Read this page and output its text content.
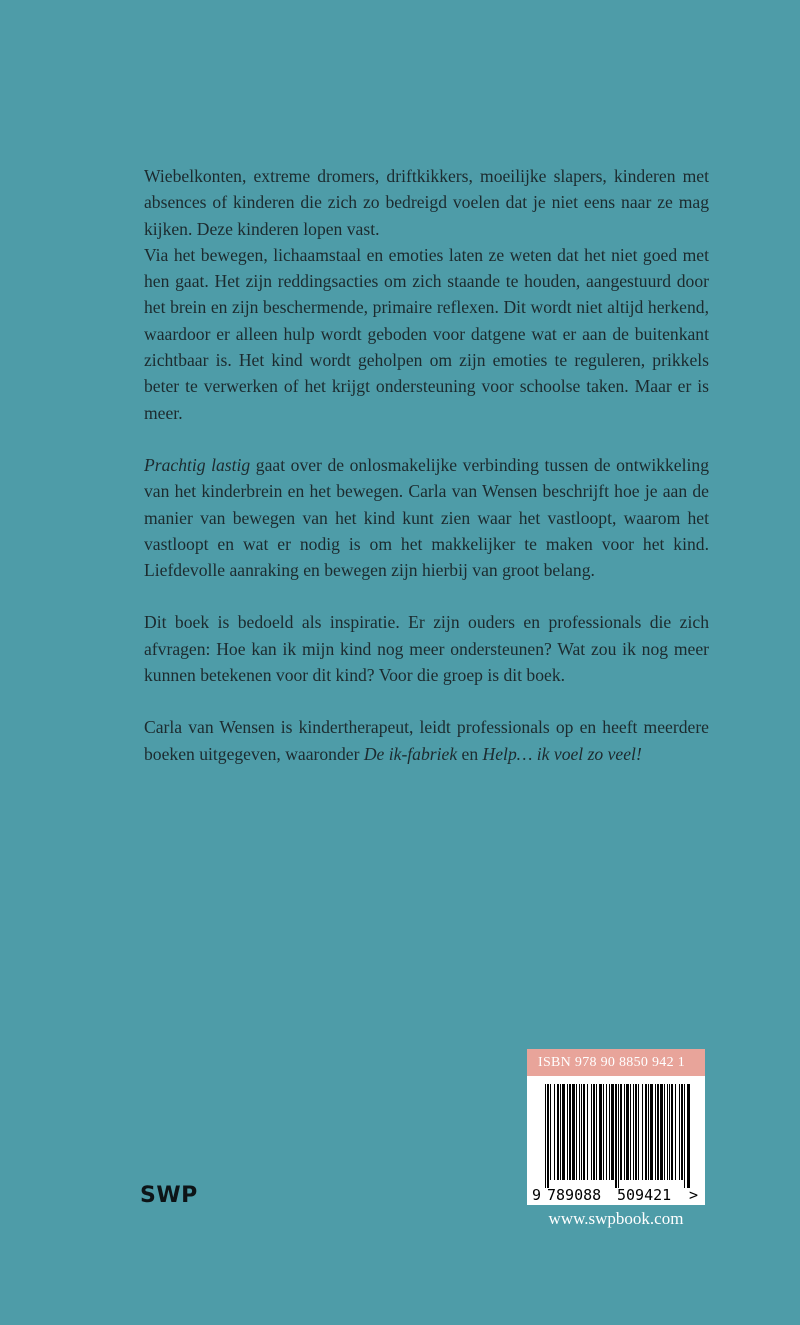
Wiebelkonten, extreme dromers, driftkikkers, moeilijke slapers, kinderen met absences of kinderen die zich zo bedreigd voelen dat je niet eens naar ze mag kijken. Deze kinderen lopen vast.

Via het bewegen, lichaamstaal en emoties laten ze weten dat het niet goed met hen gaat. Het zijn reddingsacties om zich staande te houden, aangestuurd door het brein en zijn beschermende, primaire reflexen. Dit wordt niet altijd herkend, waardoor er alleen hulp wordt geboden voor datgene wat er aan de buitenkant zichtbaar is. Het kind wordt geholpen om zijn emoties te reguleren, prikkels beter te verwerken of het krijgt ondersteuning voor schoolse taken. Maar er is meer.

Prachtig lastig gaat over de onlosmakelijke verbinding tussen de ontwikkeling van het kinderbrein en het bewegen. Carla van Wensen beschrijft hoe je aan de manier van bewegen van het kind kunt zien waar het vastloopt, waarom het vastloopt en wat er nodig is om het makkelijker te maken voor het kind. Liefdevolle aanraking en bewegen zijn hierbij van groot belang.

Dit boek is bedoeld als inspiratie. Er zijn ouders en professionals die zich afvragen: Hoe kan ik mijn kind nog meer ondersteunen? Wat zou ik nog meer kunnen betekenen voor dit kind? Voor die groep is dit boek.

Carla van Wensen is kindertherapeut, leidt professionals op en heeft meerdere boeken uitgegeven, waaronder De ik-fabriek en Help… ik voel zo veel!

SWP
ISBN 978 90 8850 942 1
9 789088 509421 >
www.swpbook.com
